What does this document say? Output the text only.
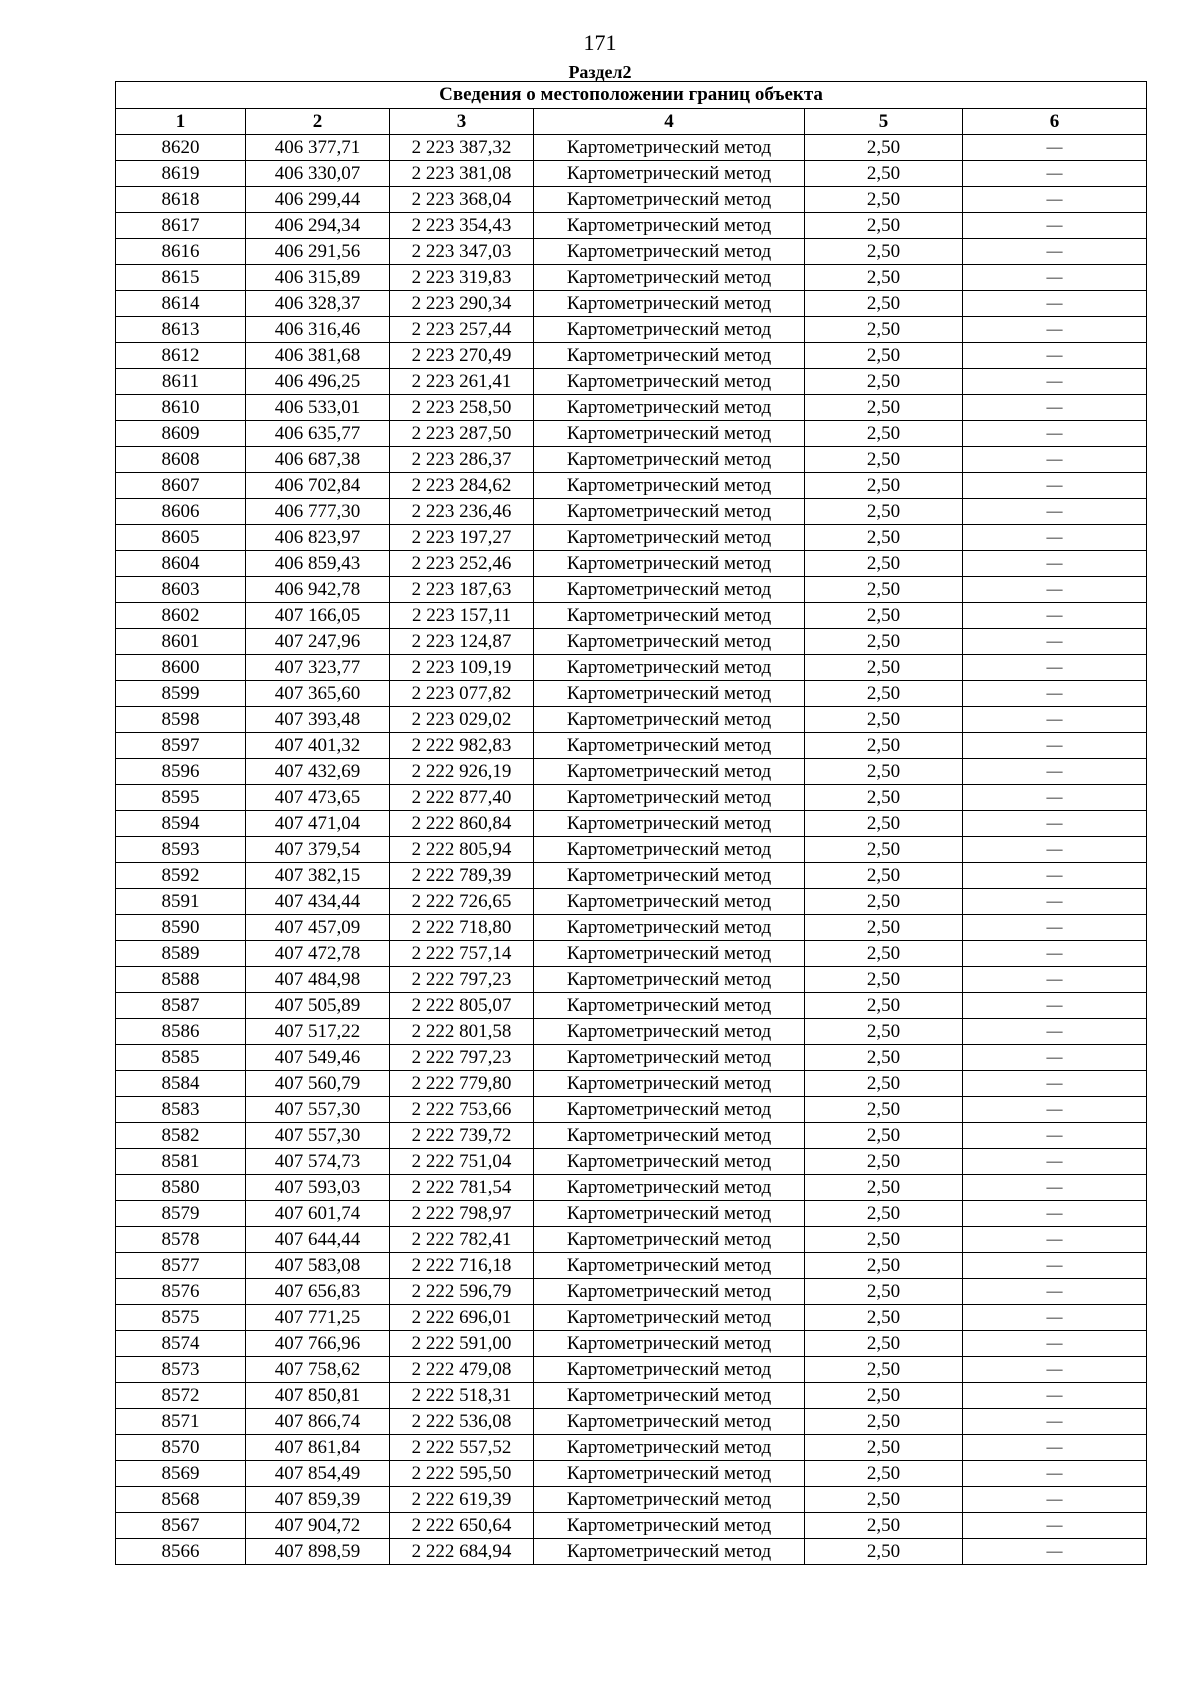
171
Раздел2
Сведения о местоположении границ объекта					
1	2	3	4	5	6
8620	406 377,71	2 223 387,32	Картометрический метод	2,50	—
8619	406 330,07	2 223 381,08	Картометрический метод	2,50	—
8618	406 299,44	2 223 368,04	Картометрический метод	2,50	—
8617	406 294,34	2 223 354,43	Картометрический метод	2,50	—
8616	406 291,56	2 223 347,03	Картометрический метод	2,50	—
8615	406 315,89	2 223 319,83	Картометрический метод	2,50	—
8614	406 328,37	2 223 290,34	Картометрический метод	2,50	—
8613	406 316,46	2 223 257,44	Картометрический метод	2,50	—
8612	406 381,68	2 223 270,49	Картометрический метод	2,50	—
8611	406 496,25	2 223 261,41	Картометрический метод	2,50	—
8610	406 533,01	2 223 258,50	Картометрический метод	2,50	—
8609	406 635,77	2 223 287,50	Картометрический метод	2,50	—
8608	406 687,38	2 223 286,37	Картометрический метод	2,50	—
8607	406 702,84	2 223 284,62	Картометрический метод	2,50	—
8606	406 777,30	2 223 236,46	Картометрический метод	2,50	—
8605	406 823,97	2 223 197,27	Картометрический метод	2,50	—
8604	406 859,43	2 223 252,46	Картометрический метод	2,50	—
8603	406 942,78	2 223 187,63	Картометрический метод	2,50	—
8602	407 166,05	2 223 157,11	Картометрический метод	2,50	—
8601	407 247,96	2 223 124,87	Картометрический метод	2,50	—
8600	407 323,77	2 223 109,19	Картометрический метод	2,50	—
8599	407 365,60	2 223 077,82	Картометрический метод	2,50	—
8598	407 393,48	2 223 029,02	Картометрический метод	2,50	—
8597	407 401,32	2 222 982,83	Картометрический метод	2,50	—
8596	407 432,69	2 222 926,19	Картометрический метод	2,50	—
8595	407 473,65	2 222 877,40	Картометрический метод	2,50	—
8594	407 471,04	2 222 860,84	Картометрический метод	2,50	—
8593	407 379,54	2 222 805,94	Картометрический метод	2,50	—
8592	407 382,15	2 222 789,39	Картометрический метод	2,50	—
8591	407 434,44	2 222 726,65	Картометрический метод	2,50	—
8590	407 457,09	2 222 718,80	Картометрический метод	2,50	—
8589	407 472,78	2 222 757,14	Картометрический метод	2,50	—
8588	407 484,98	2 222 797,23	Картометрический метод	2,50	—
8587	407 505,89	2 222 805,07	Картометрический метод	2,50	—
8586	407 517,22	2 222 801,58	Картометрический метод	2,50	—
8585	407 549,46	2 222 797,23	Картометрический метод	2,50	—
8584	407 560,79	2 222 779,80	Картометрический метод	2,50	—
8583	407 557,30	2 222 753,66	Картометрический метод	2,50	—
8582	407 557,30	2 222 739,72	Картометрический метод	2,50	—
8581	407 574,73	2 222 751,04	Картометрический метод	2,50	—
8580	407 593,03	2 222 781,54	Картометрический метод	2,50	—
8579	407 601,74	2 222 798,97	Картометрический метод	2,50	—
8578	407 644,44	2 222 782,41	Картометрический метод	2,50	—
8577	407 583,08	2 222 716,18	Картометрический метод	2,50	—
8576	407 656,83	2 222 596,79	Картометрический метод	2,50	—
8575	407 771,25	2 222 696,01	Картометрический метод	2,50	—
8574	407 766,96	2 222 591,00	Картометрический метод	2,50	—
8573	407 758,62	2 222 479,08	Картометрический метод	2,50	—
8572	407 850,81	2 222 518,31	Картометрический метод	2,50	—
8571	407 866,74	2 222 536,08	Картометрический метод	2,50	—
8570	407 861,84	2 222 557,52	Картометрический метод	2,50	—
8569	407 854,49	2 222 595,50	Картометрический метод	2,50	—
8568	407 859,39	2 222 619,39	Картометрический метод	2,50	—
8567	407 904,72	2 222 650,64	Картометрический метод	2,50	—
8566	407 898,59	2 222 684,94	Картометрический метод	2,50	—
